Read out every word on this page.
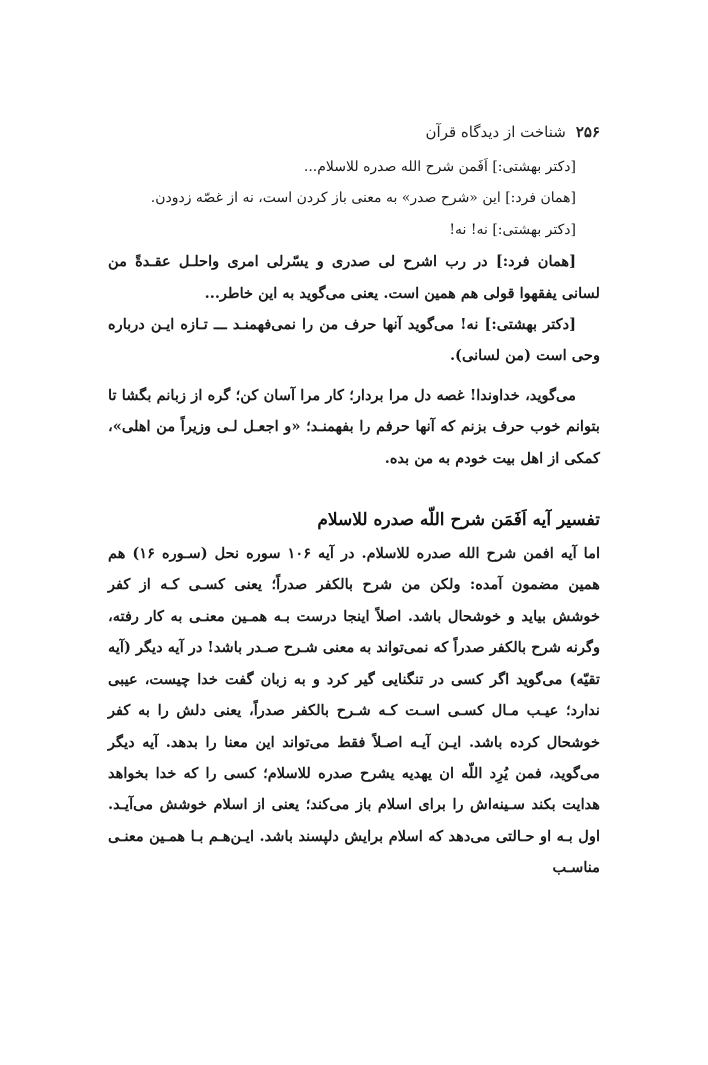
۲۵۶
شناخت از دیدگاه قرآن

[دکتر بهشتی:] اَفَمن شرح الله صدره للاسلام...

[همان فرد:] این «شرح صدر» به معنی باز کردن است، نه از غصّه زدودن.

[دکتر بهشتی:] نه! نه!

[همان فرد:] در رب اشرح لی صدری و یسّرلی امری واحلـل عقـدةً من لسانی یفقهوا قولی هم همین است. یعنی می‌گوید به این خاطر...

[دکتر بهشتی:] نه! می‌گوید آنها حرف من را نمی‌فهمنـد ـــ تـازه ایـن درباره وحی است (من لسانی).

می‌گوید، خداوندا! غصه دل مرا بردار؛ کار مرا آسان کن؛ گره از زبانم بگشا تا بتوانم خوب حرف بزنم که آنها حرفم را بفهمنـد؛ «و اجعـل لـی وزیراً من اهلی»، کمکی از اهل بیت خودم به من بده.

تفسیر آیه اَفَمَن شرح اللّه صدره للاسلام

اما آیه افمن شرح الله صدره للاسلام. در آیه ۱۰۶ سوره نحل (سـوره ۱۶) هم همین مضمون آمده: ولکن من شرح بالکفر صدراً؛ یعنی کسـی کـه از کفر خوشش بیاید و خوشحال باشد. اصلاً اینجا درست بـه همـین معنـی به کار رفته، وگرنه شرح بالکفر صدراً که نمی‌تواند به معنی شـرح صـدر باشد! در آیه دیگر (آیه تقیّه) می‌گوید اگر کسی در تنگنایی گیر کرد و به زبان گفت خدا چیست، عیبی ندارد؛ عیـب مـال کسـی اسـت کـه شـرح بالکفر صدراً، یعنی دلش را به کفر خوشحال کرده باشد. ایـن آیـه اصـلاً فقط می‌تواند این معنا را بدهد. آیه دیگر می‌گوید، فمن یُرِد اللّه ان یهدیه یشرح صدره للاسلام؛ کسی را که خدا بخواهد هدایت بکند سـینه‌اش را برای اسلام باز می‌کند؛ یعنی از اسلام خوشش می‌آیـد. اول بـه او حـالتی می‌دهد که اسلام برایش دلپسند باشد. ایـن‌هـم بـا همـین معنـی مناسـب
